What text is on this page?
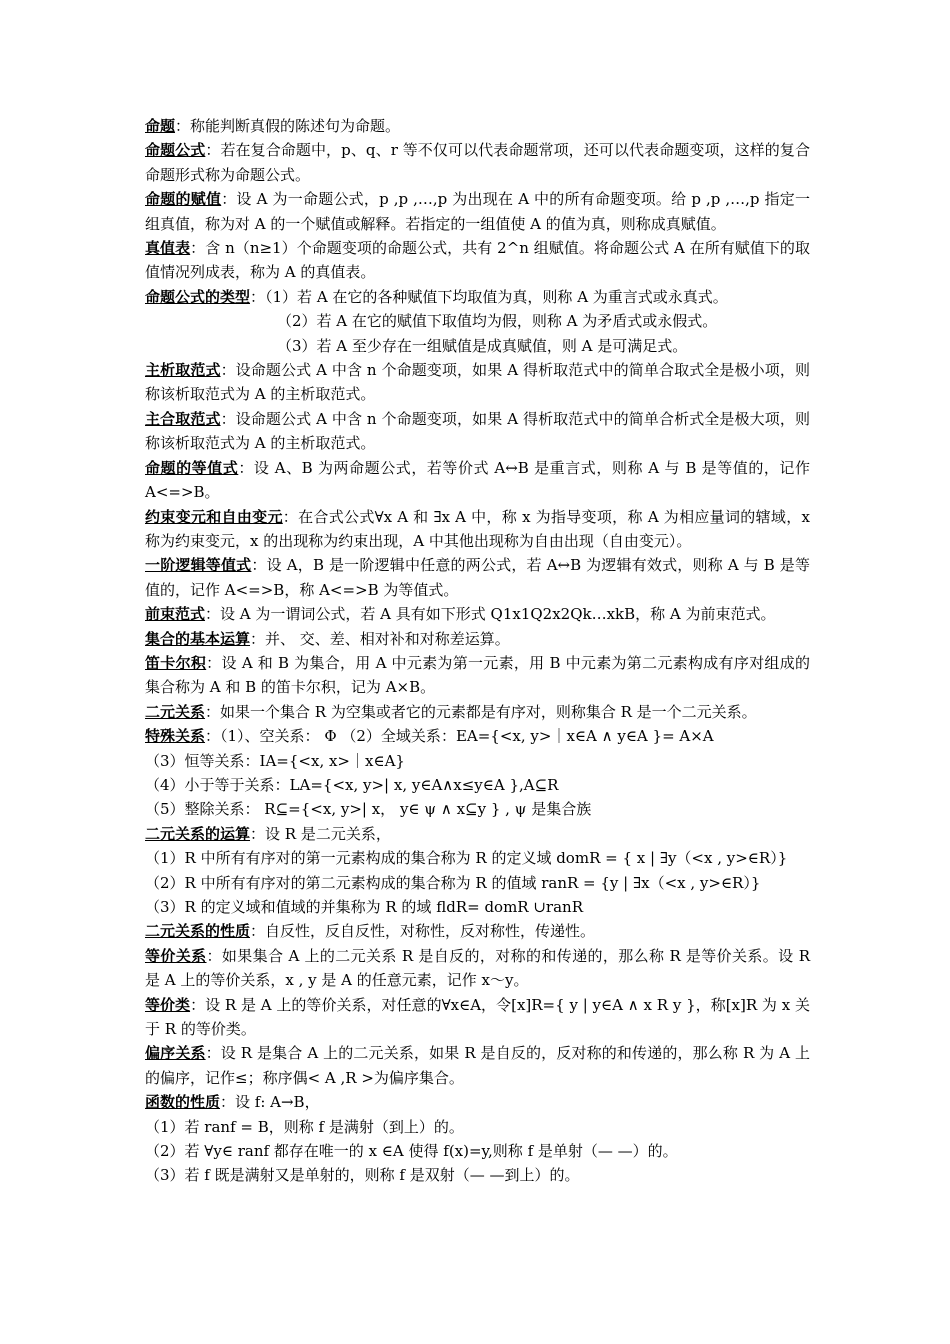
命题：称能判断真假的陈述句为命题。
命题公式：若在复合命题中，p、q、r 等不仅可以代表命题常项，还可以代表命题变项，这样的复合命题形式称为命题公式。
命题的赋值：设 A 为一命题公式，p ,p ,…,p 为出现在 A 中的所有命题变项。给 p ,p ,…,p 指定一组真值，称为对 A 的一个赋值或解释。若指定的一组值使 A 的值为真，则称成真赋值。
真值表：含 n（n≥1）个命题变项的命题公式，共有 2^n 组赋值。将命题公式 A 在所有赋值下的取值情况列成表，称为 A 的真值表。
命题公式的类型：（1）若 A 在它的各种赋值下均取值为真，则称 A 为重言式或永真式。
（2）若 A 在它的赋值下取值均为假，则称 A 为矛盾式或永假式。
（3）若 A 至少存在一组赋值是成真赋值，则 A 是可满足式。
主析取范式：设命题公式 A 中含 n 个命题变项，如果 A 得析取范式中的简单合取式全是极小项，则称该析取范式为 A 的主析取范式。
主合取范式：设命题公式 A 中含 n 个命题变项，如果 A 得析取范式中的简单合析式全是极大项，则称该析取范式为 A 的主析取范式。
命题的等值式：设 A、B 为两命题公式，若等价式 A↔B 是重言式，则称 A 与 B 是等值的，记作 A<=>B。
约束变元和自由变元：在合式公式∀x A 和 ∃x A 中，称 x 为指导变项，称 A 为相应量词的辖域，x 称为约束变元，x 的出现称为约束出现，A 中其他出现称为自由出现（自由变元）。
一阶逻辑等值式：设 A，B 是一阶逻辑中任意的两公式，若 A↔B 为逻辑有效式，则称 A 与 B 是等值的，记作 A<=>B，称 A<=>B 为等值式。
前束范式：设 A 为一谓词公式，若 A 具有如下形式 Q1x1Q2x2Qk…xkB，称 A 为前束范式。
集合的基本运算：并、 交、差、相对补和对称差运算。
笛卡尔积：设 A 和 B 为集合，用 A 中元素为第一元素，用 B 中元素为第二元素构成有序对组成的集合称为 A 和 B 的笛卡尔积，记为 A×B。
二元关系：如果一个集合 R 为空集或者它的元素都是有序对，则称集合 R 是一个二元关系。
特殊关系：（1）、空关系： Φ （2）全域关系：EA={<x, y>｜x∈A ∧ y∈A }= A×A
（3）恒等关系：IA={<x, x>｜x∈A}
（4）小于等于关系：LA={<x, y>| x, y∈A∧x≤y∈A },A⊆R
（5）整除关系： R⊆={<x, y>| x， y∈ ψ ∧ x⊆y } , ψ 是集合族
二元关系的运算：设 R 是二元关系，
（1）R 中所有有序对的第一元素构成的集合称为 R 的定义域 domR = { x | ∃y（<x , y>∈R）}
（2）R 中所有有序对的第二元素构成的集合称为 R 的值域 ranR = {y | ∃x（<x , y>∈R）}
（3）R 的定义域和值域的并集称为 R 的域 fldR= domR ∪ranR
二元关系的性质：自反性，反自反性，对称性，反对称性，传递性。
等价关系：如果集合 A 上的二元关系 R 是自反的，对称的和传递的，那么称 R 是等价关系。设 R 是 A 上的等价关系，x , y 是 A 的任意元素，记作 x～y。
等价类：设 R 是 A 上的等价关系，对任意的∀x∈A，令[x]R={ y | y∈A ∧ x R y }，称[x]R 为 x 关于 R 的等价类。
偏序关系：设 R 是集合 A 上的二元关系，如果 R 是自反的，反对称的和传递的，那么称 R 为 A 上的偏序，记作≤；称序偶< A ,R >为偏序集合。
函数的性质：设 f: A→B，
（1）若 ranf = B，则称 f 是满射（到上）的。
（2）若 ∀y∈ ranf 都存在唯一的 x ∈A 使得 f(x)=y,则称 f 是单射（— —）的。
（3）若 f 既是满射又是单射的，则称 f 是双射（— —到上）的。
